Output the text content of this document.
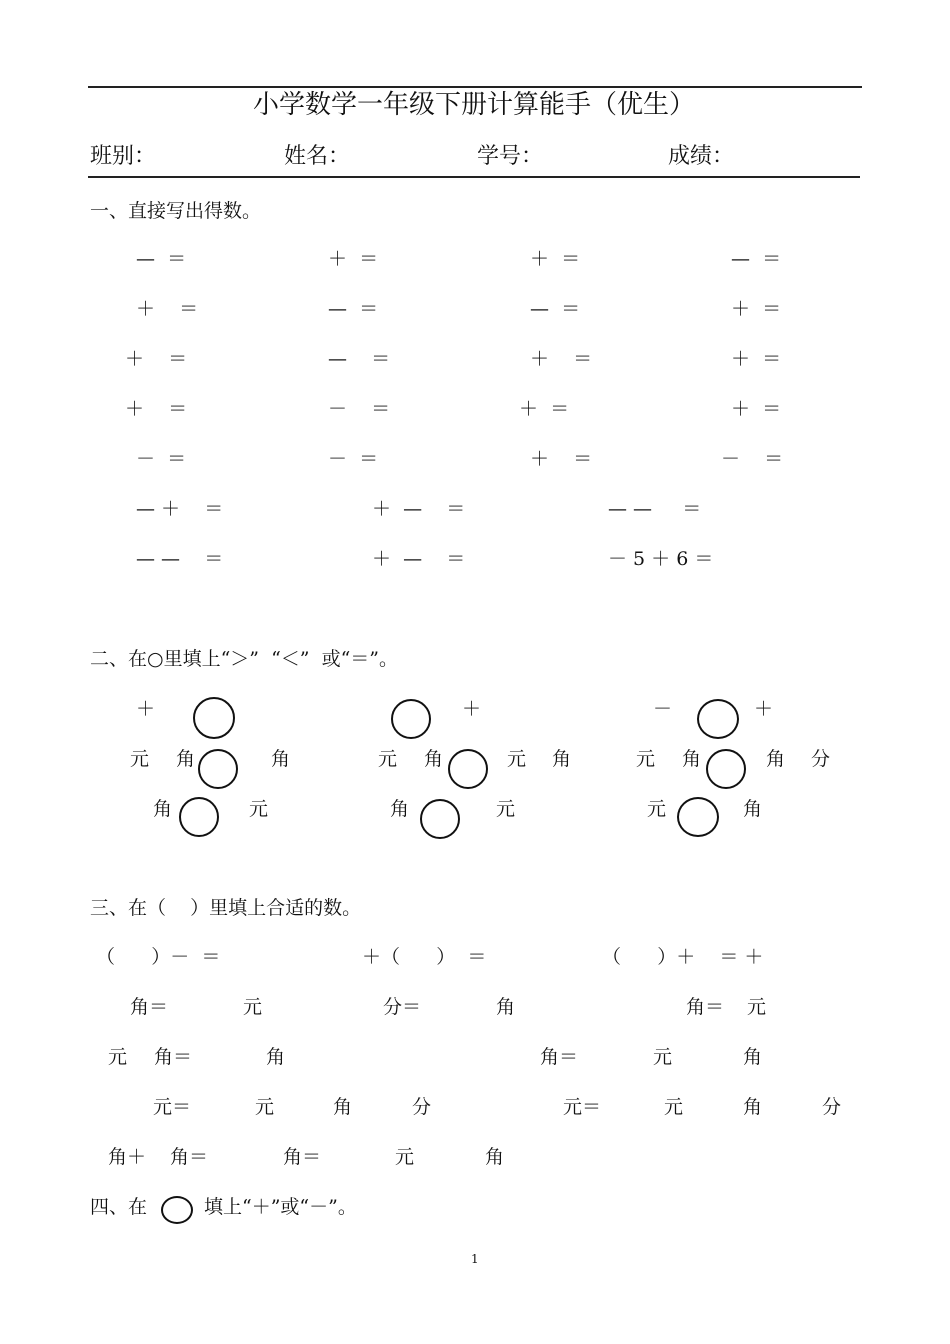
小学数学一年级下册计算能手（优生）
班别：	姓名：	学号：	成绩：
一、直接写出得数。
—  ＝	＋  ＝	＋  ＝	—  ＝
＋    ＝	—  ＝	—  ＝	＋  ＝
＋    ＝	—    ＝	＋    ＝	＋  ＝
＋    ＝	－    ＝	＋  ＝	＋  ＝
－  ＝	－  ＝	＋    ＝	－    ＝
— ＋    ＝	＋  —    ＝	— —     ＝
— —    ＝	＋  —    ＝	－ 5 ＋ 6 ＝
二、在○里填上“＞”  “＜”  或“＝”。
＋	＋	－	＋
元 角	角	元 角	元 角	元 角	角 分
角	元	角	元	元	角
三、在（    ）里填上合适的数。
（      ）－  ＝	＋（      ）  ＝	（      ）＋    ＝ ＋
角＝	元	分＝	角	角＝ 元
元 角＝	角	角＝	元	角
元＝	元	角	分	元＝	元	角	分
角＋ 角＝	角＝	元	角
四、在	填上“＋”或“－”。
1
